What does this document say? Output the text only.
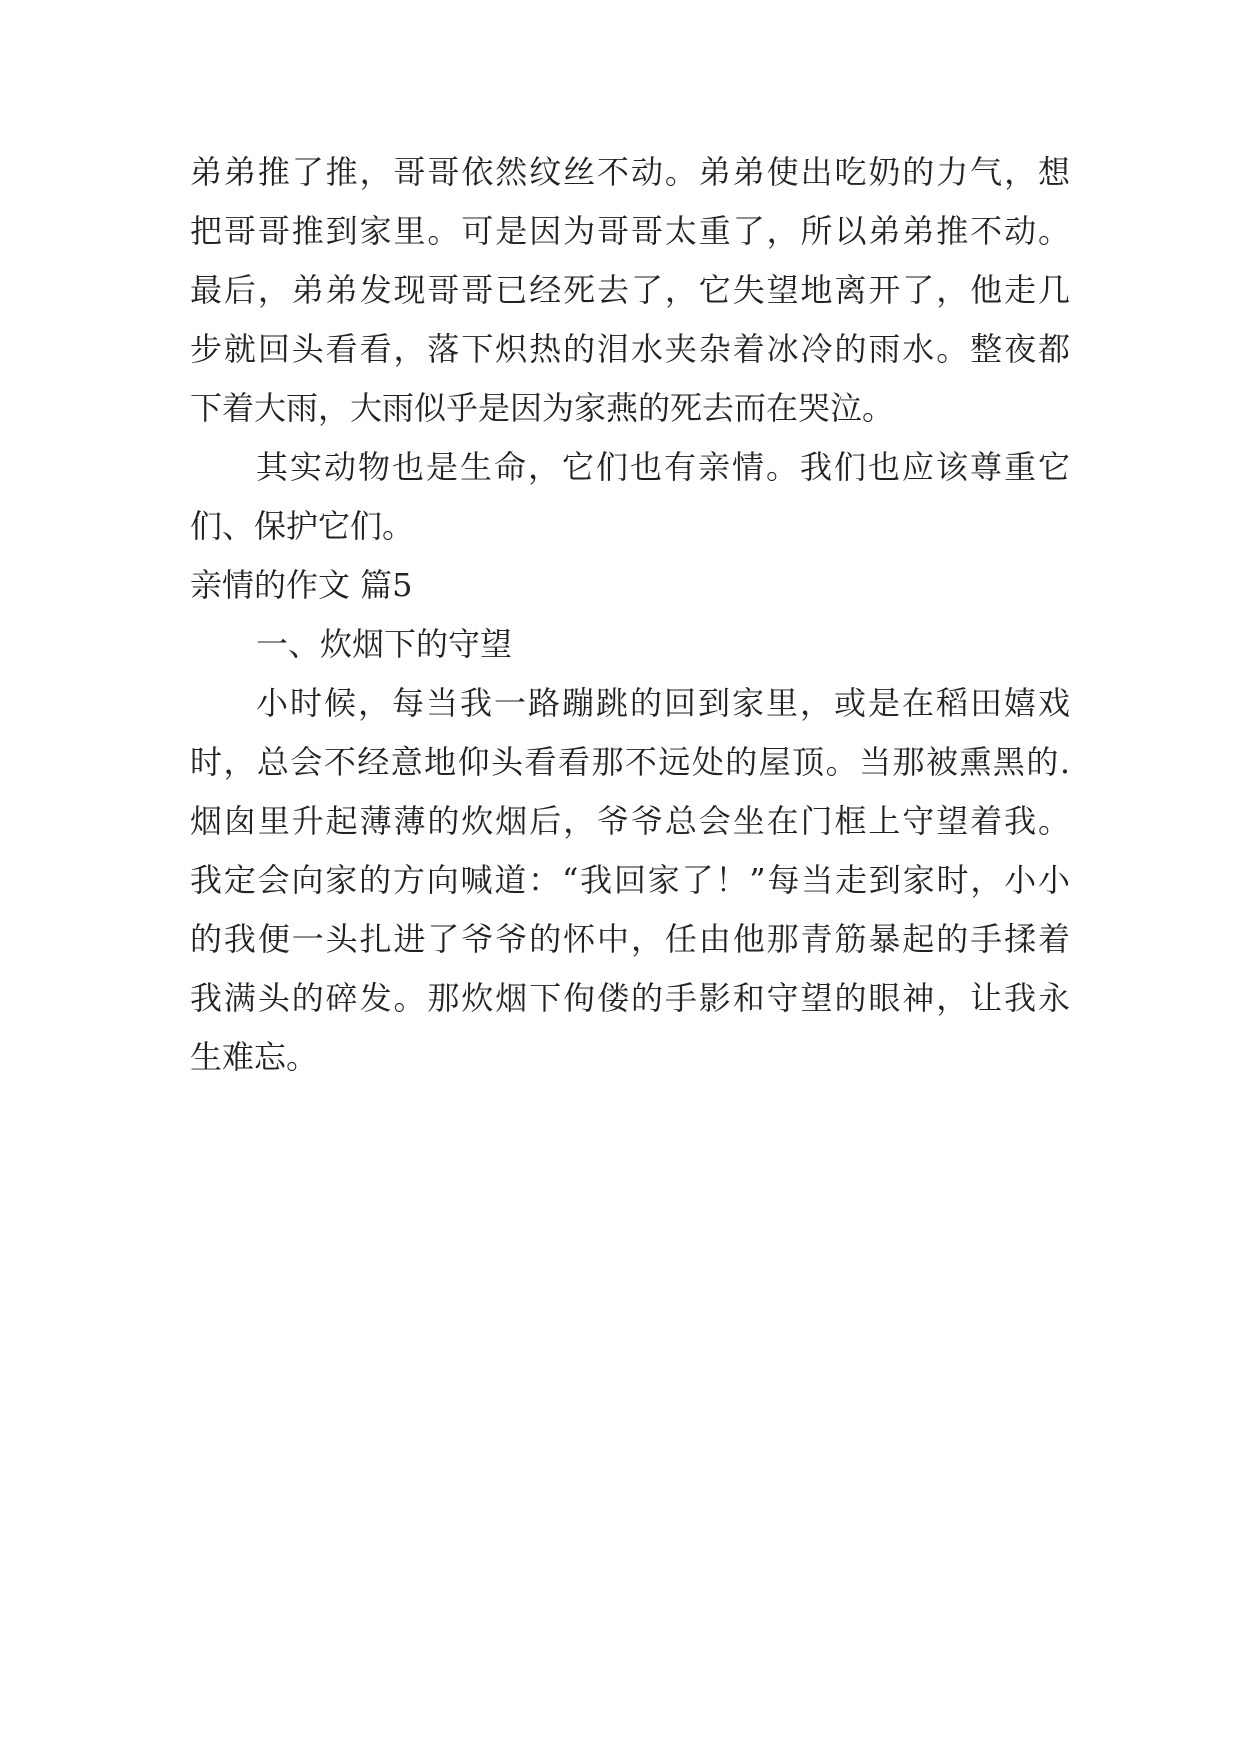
弟弟推了推，哥哥依然纹丝不动。弟弟使出吃奶的力气，想
把哥哥推到家里。可是因为哥哥太重了，所以弟弟推不动。
最后，弟弟发现哥哥已经死去了，它失望地离开了，他走几
步就回头看看，落下炽热的泪水夹杂着冰冷的雨水。整夜都
下着大雨，大雨似乎是因为家燕的死去而在哭泣。
其实动物也是生命，它们也有亲情。我们也应该尊重它
们、保护它们。
亲情的作文 篇5
一、炊烟下的守望
小时候，每当我一路蹦跳的回到家里，或是在稻田嬉戏
时，总会不经意地仰头看看那不远处的屋顶。当那被熏黑的.
烟囱里升起薄薄的炊烟后，爷爷总会坐在门框上守望着我。
我定会向家的方向喊道：“我回家了！”每当走到家时，小小
的我便一头扎进了爷爷的怀中，任由他那青筋暴起的手揉着
我满头的碎发。那炊烟下佝偻的手影和守望的眼神，让我永
生难忘。
